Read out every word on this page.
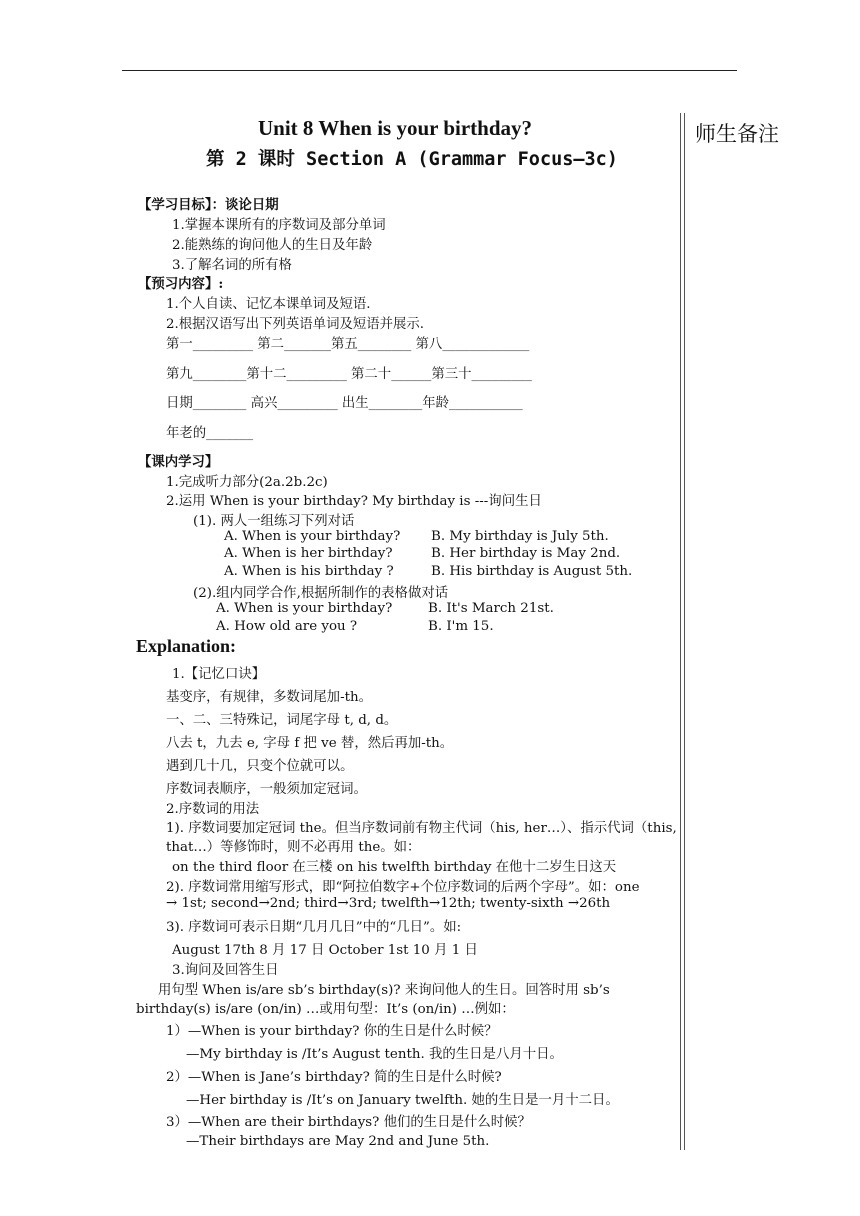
Unit 8 When is your birthday?
第 2 课时 Section A (Grammar Focus—3c)
师生备注
【学习目标】：谈论日期
1.掌握本课所有的序数词及部分单词
2.能熟练的询问他人的生日及年龄
3.了解名词的所有格
【预习内容】:
1.个人自读、记忆本课单词及短语.
2.根据汉语写出下列英语单词及短语并展示.
第一_________ 第二_______第五________ 第八_____________
第九________第十二_________ 第二十______第三十_________
日期________ 高兴_________ 出生________年龄___________
年老的_______
【课内学习】
1.完成听力部分(2a.2b.2c)
2.运用 When is your birthday? My birthday is ---询问生日
(1). 两人一组练习下列对话
A. When is your birthday? B. My birthday is July 5th.
A. When is her birthday?	B. Her birthday is May 2nd.
A. When is his birthday ?	B. His birthday is August 5th.
(2).组内同学合作,根据所制作的表格做对话
A. When is your birthday?	B. It's March 21st.
A. How old are you ?	B. I'm 15.
Explanation:
1.【记忆口诀】
基变序，有规律，多数词尾加-th。
一、二、三特殊记，词尾字母 t, d, d。
八去 t，九去 e, 字母 f 把 ve 替，然后再加-th。
遇到几十几，只变个位就可以。
序数词表顺序，一般须加定冠词。
2.序数词的用法
1). 序数词要加定冠词 the。但当序数词前有物主代词（his, her…）、指示代词（this,
that…）等修饰时，则不必再用 the。如：
on the third floor 在三楼 on his twelfth birthday 在他十二岁生日这天
2). 序数词常用缩写形式，即“阿拉伯数字+个位序数词的后两个字母”。如：one
→ 1st; second→2nd; third→3rd; twelfth→12th; twenty-sixth →26th
3). 序数词可表示日期“几月几日”中的“几日”。如:
August 17th 8 月 17 日 October 1st 10 月 1 日
3.询问及回答生日
用句型 When is/are sb’s birthday(s)? 来询问他人的生日。回答时用 sb’s
birthday(s) is/are (on/in) …或用句型：It’s (on/in) …例如：
1）—When is your birthday? 你的生日是什么时候？
—My birthday is /It’s August tenth. 我的生日是八月十日。
2）—When is Jane’s birthday? 简的生日是什么时候?
—Her birthday is /It’s on January twelfth. 她的生日是一月十二日。
3）—When are their birthdays? 他们的生日是什么时候？
—Their birthdays are May 2nd and June 5th.
